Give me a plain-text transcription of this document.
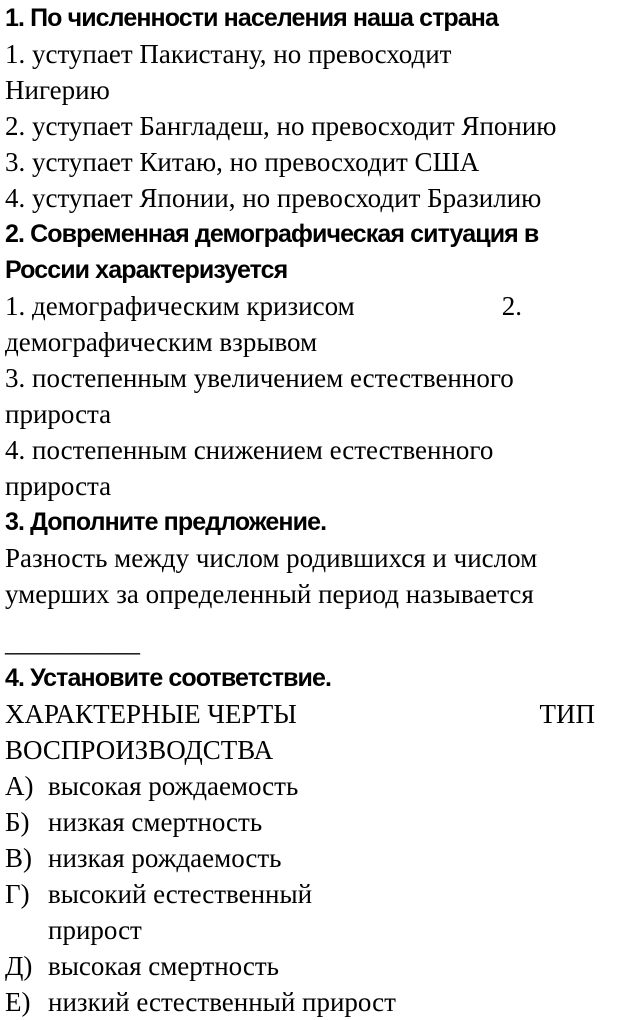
1. По численности населения наша страна
1. уступает Пакистану, но превосходит Нигерию
2. уступает Бангладеш, но превосходит Японию
3. уступает Китаю, но превосходит США
4. уступает Японии, но превосходит Бразилию
2. Современная демографическая ситуация в России характеризуется
1. демографическим кризисом	2.
демографическим взрывом
3. постепенным увеличением естественного прироста
4. постепенным снижением естественного прироста
3. Дополните предложение.
Разность между числом родившихся и числом умерших за определенный период называется
__________
4. Установите соответствие.
ХАРАКТЕРНЫЕ ЧЕРТЫ	ТИП
ВОСПРОИЗВОДСТВА
А) высокая рождаемость
Б) низкая смертность
В) низкая рождаемость
Г) высокий естественный прирост
Д) высокая смертность
Е) низкий естественный прирост
